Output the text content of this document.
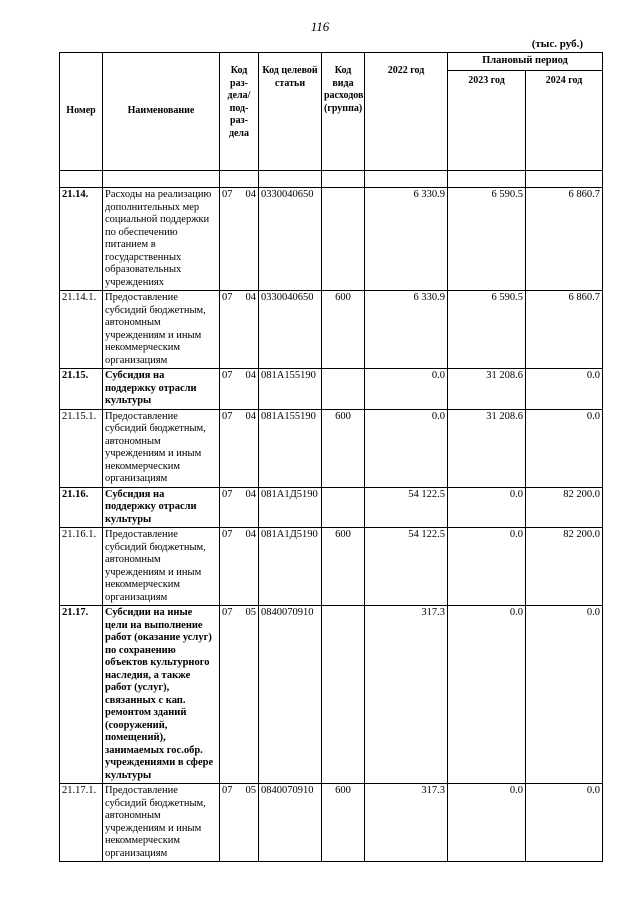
116
(тыс. руб.)
Номер	Наименование	Код раз-дела/ под-раз-дела	Код целевой статьи	Код вида расходов (группа)	2022 год	Плановый период	
						2023 год	2024 год

21.14.	Расходы на реализацию дополнительных мер социальной поддержки по обеспечению питанием в государственных образовательных учреждениях	07 04	0330040650		6 330.9	6 590.5	6 860.7
21.14.1.	Предоставление субсидий бюджетным, автономным учреждениям и иным некоммерческим организациям	07 04	0330040650	600	6 330.9	6 590.5	6 860.7
21.15.	Субсидия на поддержку отрасли культуры	07 04	081A155190		0.0	31 208.6	0.0
21.15.1.	Предоставление субсидий бюджетным, автономным учреждениям и иным некоммерческим организациям	07 04	081A155190	600	0.0	31 208.6	0.0
21.16.	Субсидия на поддержку отрасли культуры	07 04	081A1Д5190		54 122.5	0.0	82 200.0
21.16.1.	Предоставление субсидий бюджетным, автономным учреждениям и иным некоммерческим организациям	07 04	081A1Д5190	600	54 122.5	0.0	82 200.0
21.17.	Субсидии на иные цели на выполнение работ (оказание услуг) по сохранению объектов культурного наследия, а также работ (услуг), связанных с кап. ремонтом зданий (сооружений, помещений), занимаемых гос.обр. учреждениями в сфере культуры	07 05	0840070910		317.3	0.0	0.0
21.17.1.	Предоставление субсидий бюджетным, автономным учреждениям и иным некоммерческим организациям	07 05	0840070910	600	317.3	0.0	0.0
